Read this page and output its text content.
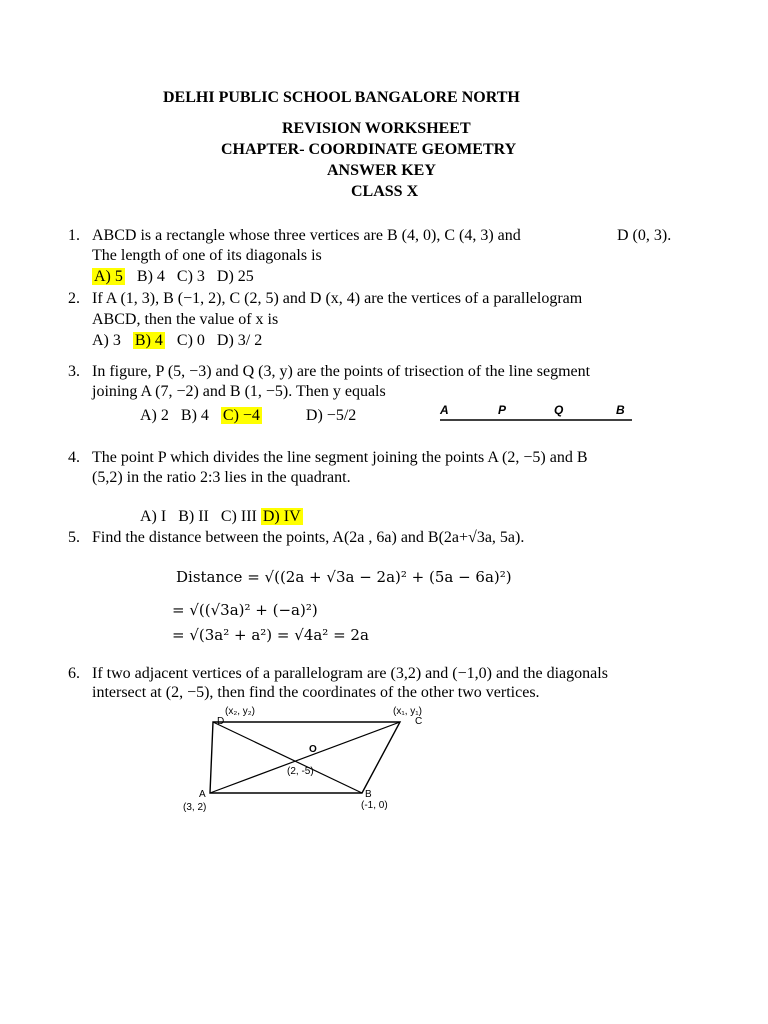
DELHI PUBLIC SCHOOL BANGALORE NORTH
REVISION WORKSHEET
CHAPTER- COORDINATE GEOMETRY
ANSWER KEY
CLASS X
1. ABCD is a rectangle whose three vertices are B (4, 0), C (4, 3) and	D (0, 3).
The length of one of its diagonals is
A) 5 B) 4 C) 3 D) 25
2. If A (1, 3), B (−1, 2), C (2, 5) and D (x, 4) are the vertices of a parallelogram
ABCD, then the value of x is
A) 3 B) 4 C) 0 D) 3/ 2
3. In figure, P (5, −3) and Q (3, y) are the points of trisection of the line segment
joining A (7, −2) and B (1, −5). Then y equals
A) 2 B) 4 C) −4	D) −5/2	A	P	Q	B
4. The point P which divides the line segment joining the points A (2, −5) and B
(5,2) in the ratio 2:3 lies in the quadrant.
A) I B) II C) III D) IV
5. Find the distance between the points, A(2a , 6a) and B(2a+√3a, 5a).
Distance = √((2a + √3a − 2a)² + (5a − 6a)²)
= √((√3a)² + (−a)²)
= √(3a² + a²) = √4a² = 2a
6. If two adjacent vertices of a parallelogram are (3,2) and (−1,0) and the diagonals
intersect at (2, −5), then find the coordinates of the other two vertices.
(x₂, y₂)	(x₁, y₁)
D	C
O
(2, -5)
A	B
(3, 2)	(-1, 0)
